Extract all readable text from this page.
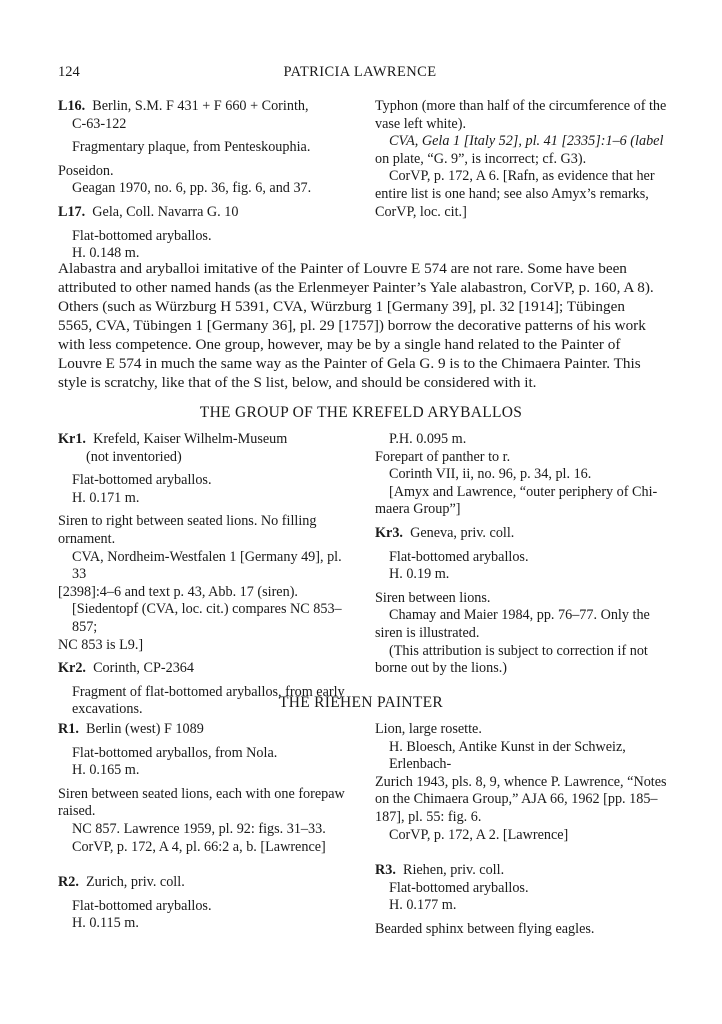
124	PATRICIA LAWRENCE

L16. Berlin, S.M. F 431 + F 660 + Corinth,

C-63-122

Fragmentary plaque, from Penteskouphia.

Poseidon.

Geagan 1970, no. 6, pp. 36, fig. 6, and 37.

L17. Gela, Coll. Navarra G. 10

Flat-bottomed aryballos.

H. 0.148 m.

Typhon (more than half of the circumference of the

vase left white).

CVA, Gela 1 [Italy 52], pl. 41 [2335]:1–6 (label

on plate, “G. 9”, is incorrect; cf. G3).

CorVP, p. 172, A 6. [Rafn, as evidence that her

entire list is one hand; see also Amyx’s remarks,

CorVP, loc. cit.]

Alabastra and aryballoi imitative of the Painter of Louvre E 574 are not rare. Some have been
attributed to other named hands (as the Erlenmeyer Painter’s Yale alabastron, CorVP, p. 160, A 8).
Others (such as Würzburg H 5391, CVA, Würzburg 1 [Germany 39], pl. 32 [1914]; Tübingen
5565, CVA, Tübingen 1 [Germany 36], pl. 29 [1757]) borrow the decorative patterns of his work
with less competence. One group, however, may be by a single hand related to the Painter of
Louvre E 574 in much the same way as the Painter of Gela G. 9 is to the Chimaera Painter. This
style is scratchy, like that of the S list, below, and should be considered with it.
THE GROUP OF THE KREFELD ARYBALLOS

Kr1. Krefeld, Kaiser Wilhelm-Museum

(not inventoried)

Flat-bottomed aryballos.

H. 0.171 m.

Siren to right between seated lions. No filling

ornament.

CVA, Nordheim-Westfalen 1 [Germany 49], pl. 33

[2398]:4–6 and text p. 43, Abb. 17 (siren).

[Siedentopf (CVA, loc. cit.) compares NC 853–857;

NC 853 is L9.]

Kr2. Corinth, CP-2364

Fragment of flat-bottomed aryballos, from early

excavations.

P.H. 0.095 m.

Forepart of panther to r.

Corinth VII, ii, no. 96, p. 34, pl. 16.

[Amyx and Lawrence, “outer periphery of Chi-

maera Group”]

Kr3. Geneva, priv. coll.

Flat-bottomed aryballos.

H. 0.19 m.

Siren between lions.

Chamay and Maier 1984, pp. 76–77. Only the

siren is illustrated.

(This attribution is subject to correction if not

borne out by the lions.)

THE RIEHEN PAINTER

R1. Berlin (west) F 1089

Flat-bottomed aryballos, from Nola.

H. 0.165 m.

Siren between seated lions, each with one forepaw

raised.

NC 857. Lawrence 1959, pl. 92: figs. 31–33.

CorVP, p. 172, A 4, pl. 66:2 a, b. [Lawrence]

R2. Zurich, priv. coll.

Flat-bottomed aryballos.

H. 0.115 m.

Lion, large rosette.

H. Bloesch, Antike Kunst in der Schweiz, Erlenbach-

Zurich 1943, pls. 8, 9, whence P. Lawrence, “Notes

on the Chimaera Group,” AJA 66, 1962 [pp. 185–

187], pl. 55: fig. 6.

CorVP, p. 172, A 2. [Lawrence]

R3. Riehen, priv. coll.

Flat-bottomed aryballos.

H. 0.177 m.

Bearded sphinx between flying eagles.
